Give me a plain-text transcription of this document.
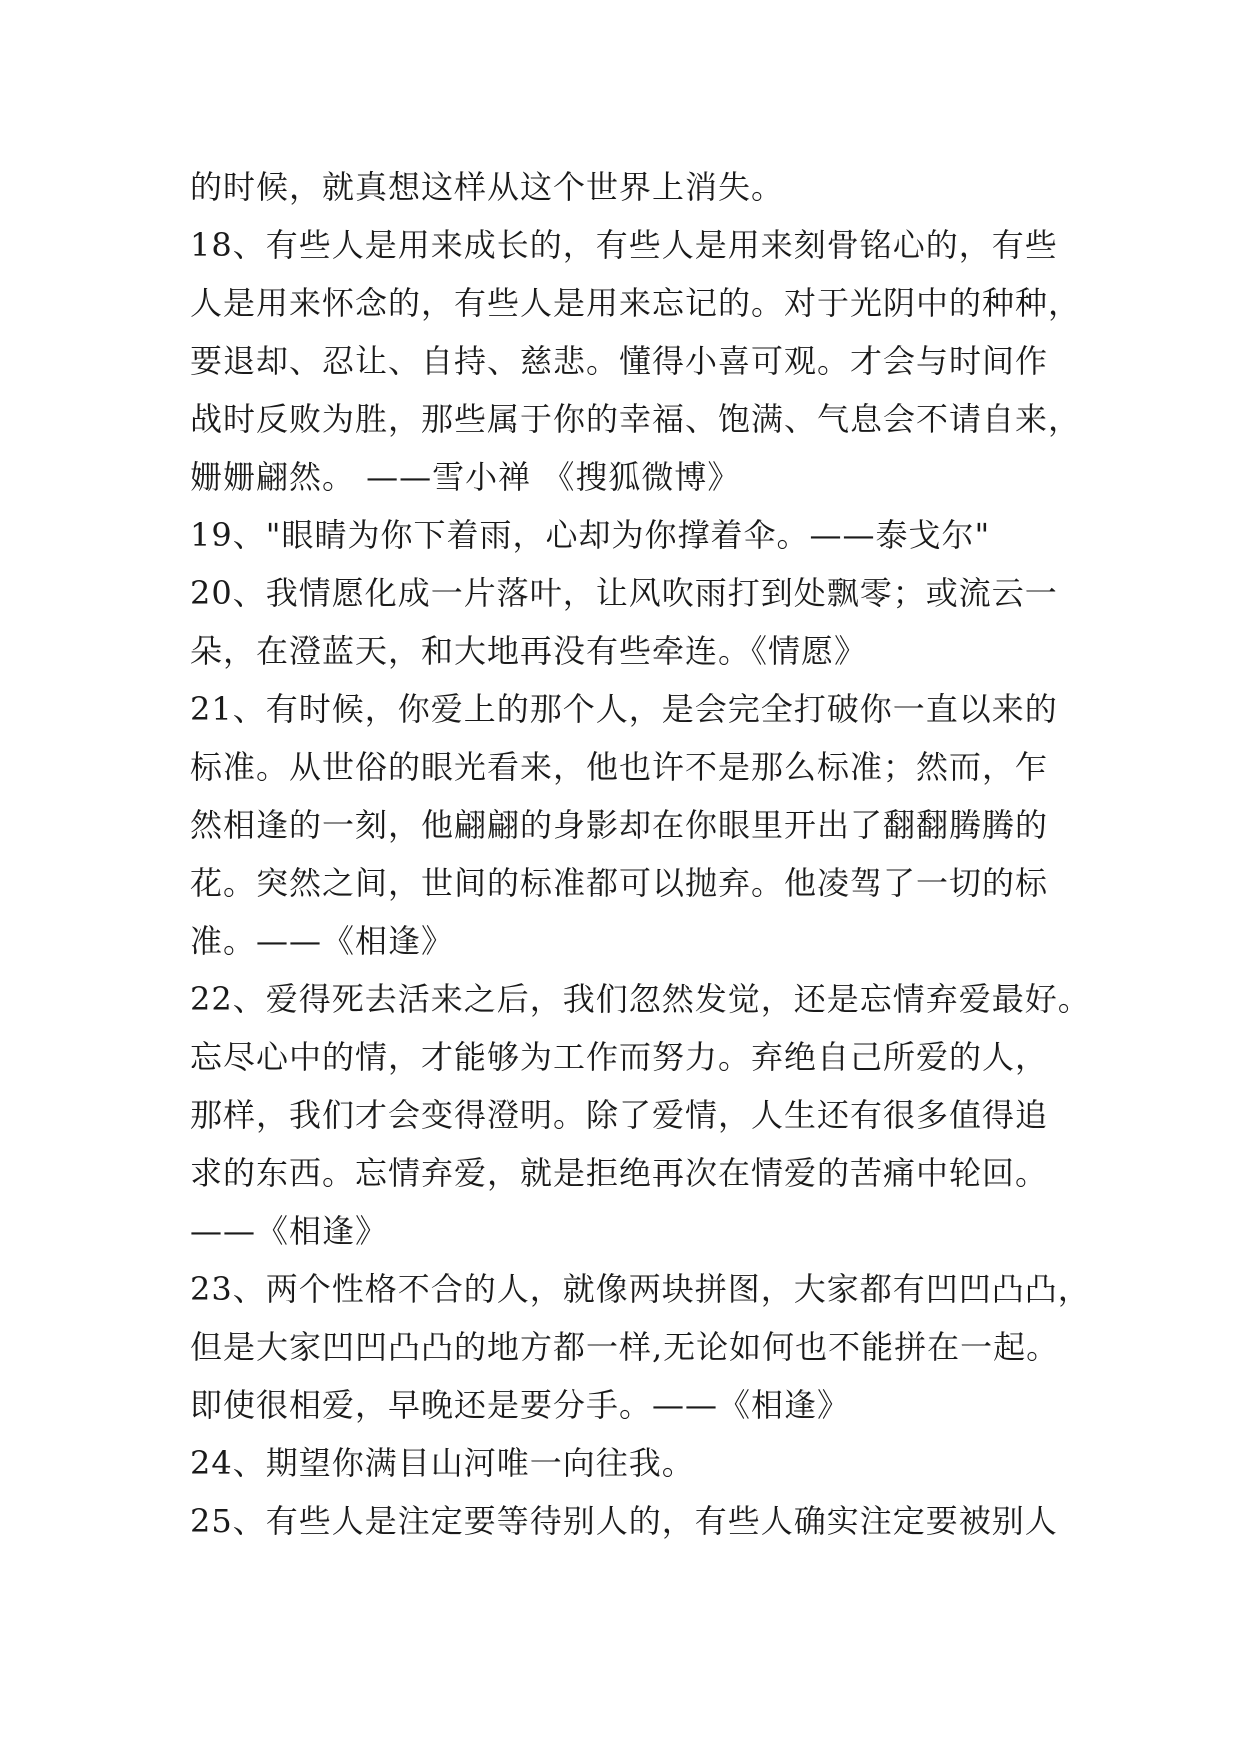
的时候，就真想这样从这个世界上消失。
18、有些人是用来成长的，有些人是用来刻骨铭心的，有些
人是用来怀念的，有些人是用来忘记的。对于光阴中的种种，
要退却、忍让、自持、慈悲。懂得小喜可观。才会与时间作
战时反败为胜，那些属于你的幸福、饱满、气息会不请自来，
姗姗翩然。 ——雪小禅 《搜狐微博》
19、"眼睛为你下着雨，心却为你撑着伞。——泰戈尔"
20、我情愿化成一片落叶，让风吹雨打到处飘零；或流云一
朵，在澄蓝天，和大地再没有些牵连。《情愿》
21、有时候，你爱上的那个人，是会完全打破你一直以来的
标准。从世俗的眼光看来，他也许不是那么标准；然而，乍
然相逢的一刻，他翩翩的身影却在你眼里开出了翻翻腾腾的
花。突然之间，世间的标准都可以抛弃。他凌驾了一切的标
准。——《相逢》
22、爱得死去活来之后，我们忽然发觉，还是忘情弃爱最好。
忘尽心中的情，才能够为工作而努力。弃绝自己所爱的人，
那样，我们才会变得澄明。除了爱情，人生还有很多值得追
求的东西。忘情弃爱，就是拒绝再次在情爱的苦痛中轮回。
——《相逢》
23、两个性格不合的人，就像两块拼图，大家都有凹凹凸凸，
但是大家凹凹凸凸的地方都一样,无论如何也不能拼在一起。
即使很相爱，早晚还是要分手。——《相逢》
24、期望你满目山河唯一向往我。
25、有些人是注定要等待别人的，有些人确实注定要被别人
